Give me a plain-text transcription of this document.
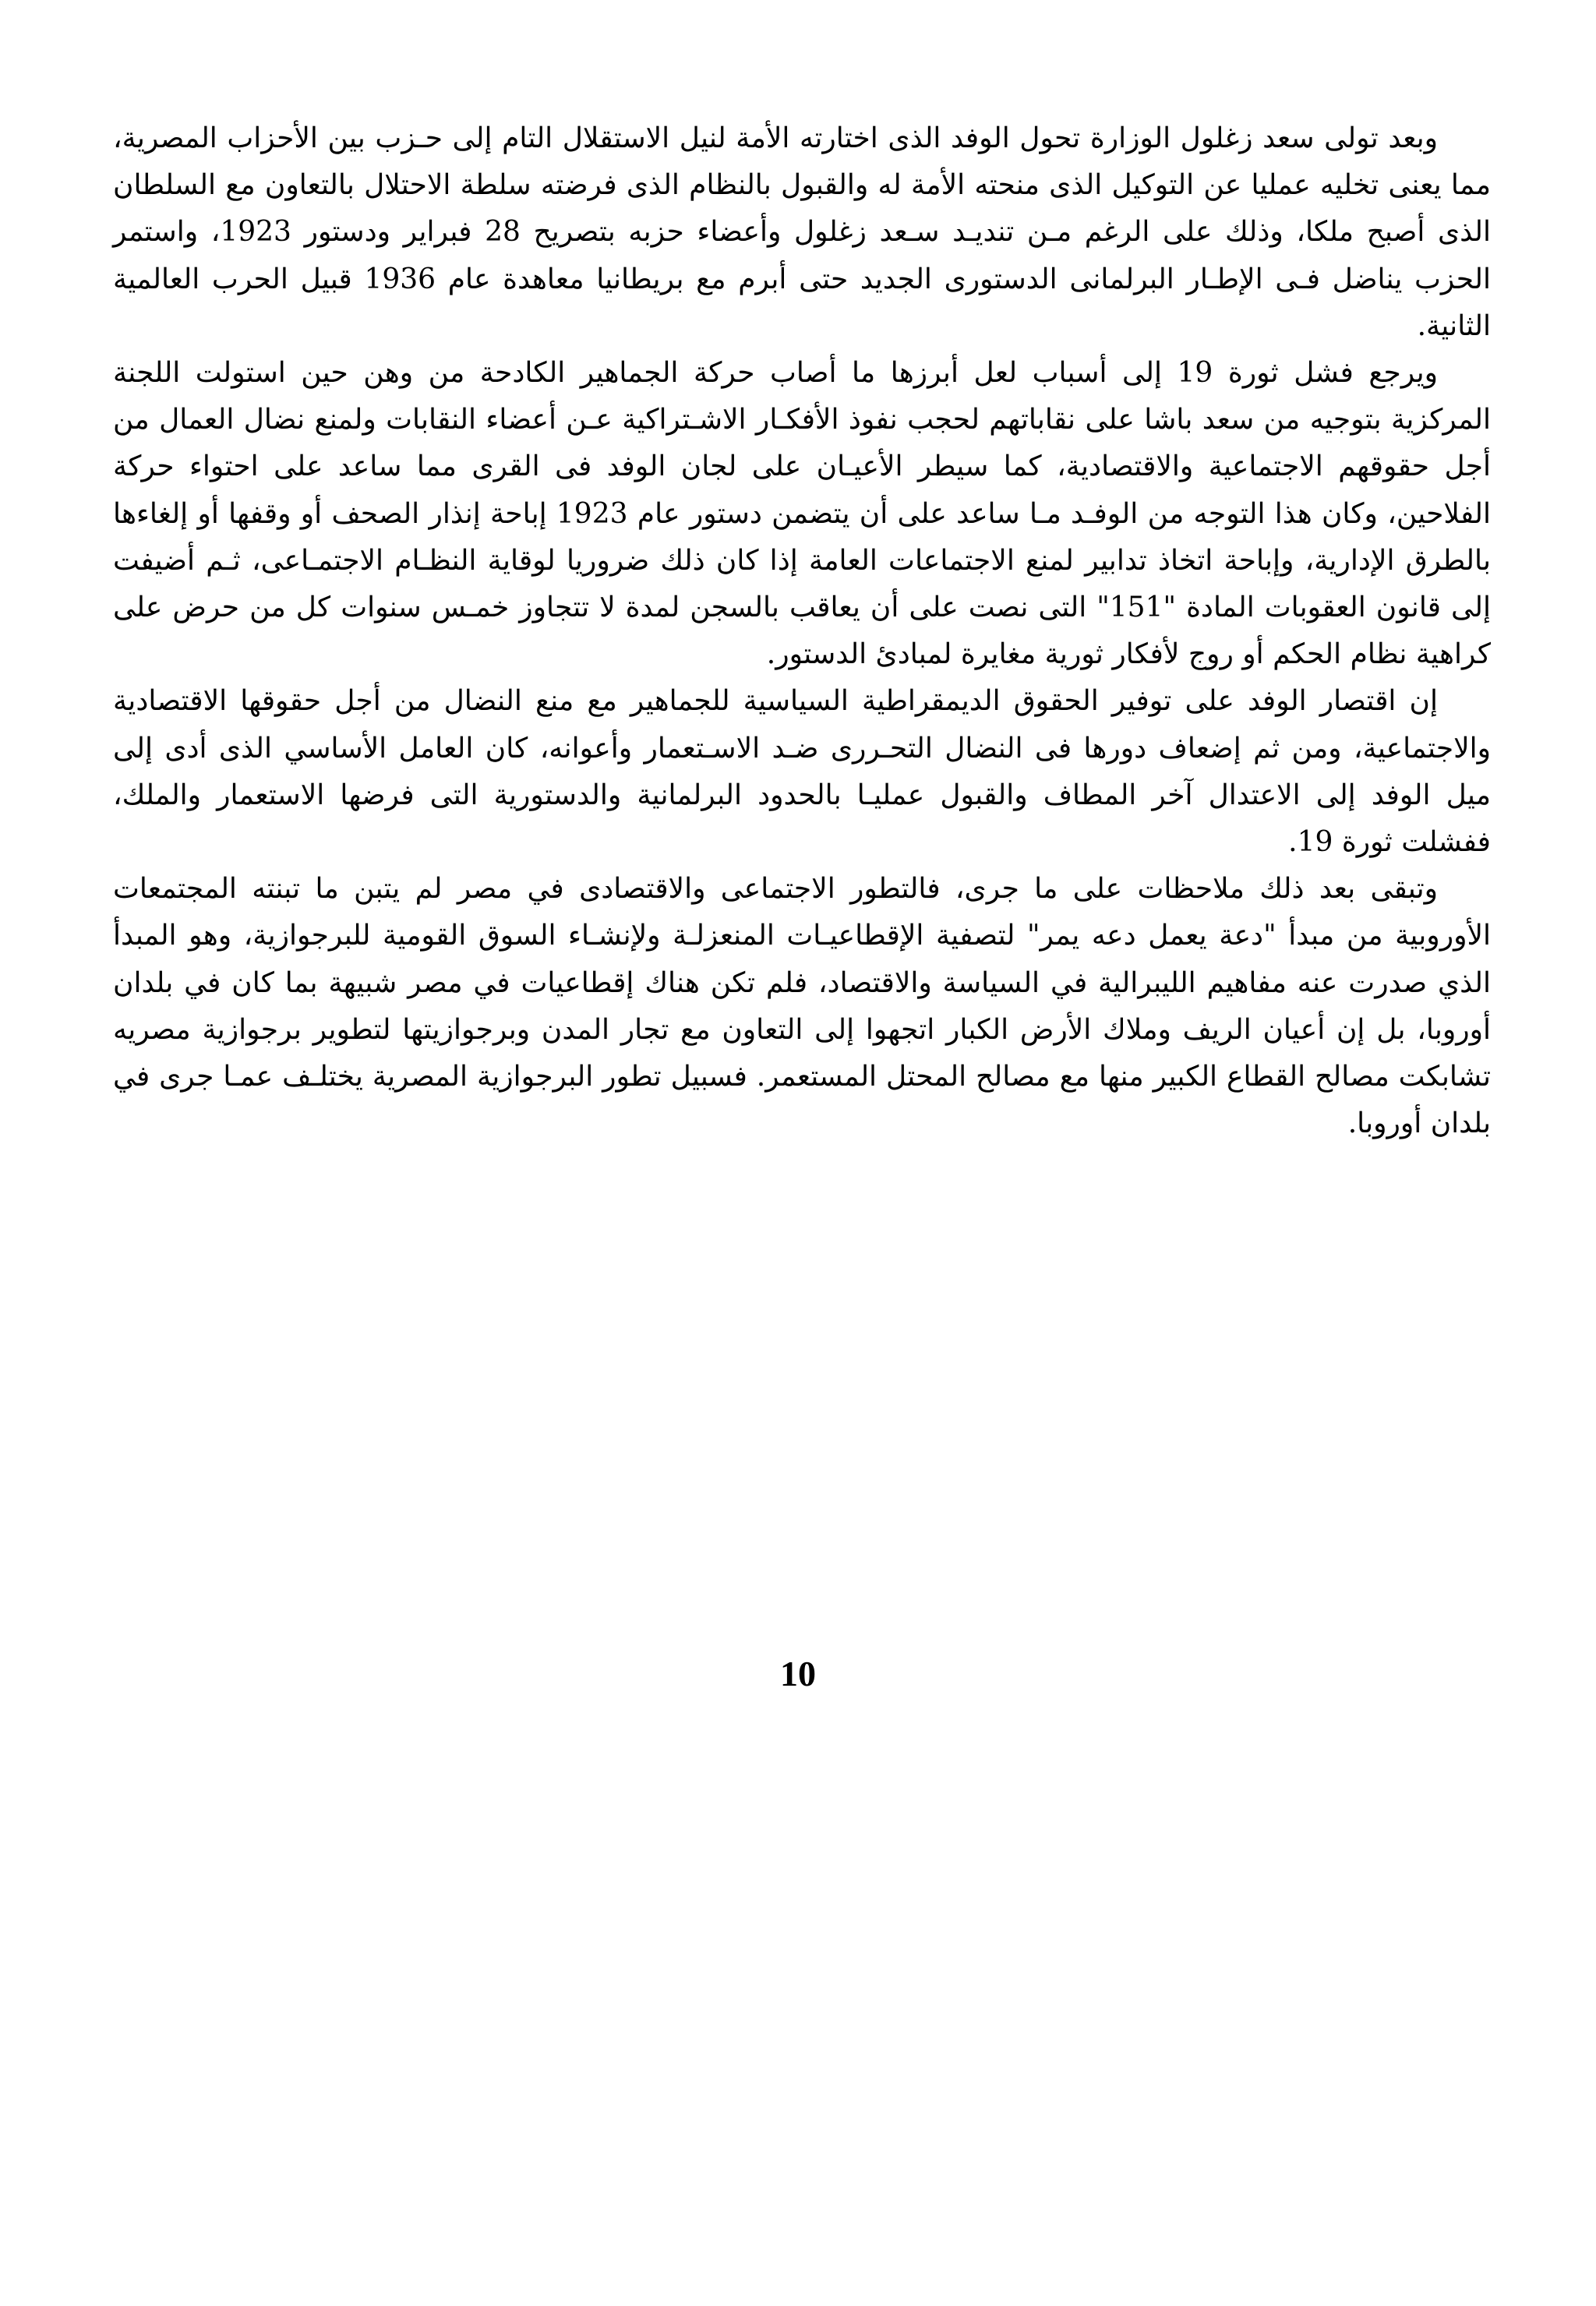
وبعد تولى سعد زغلول الوزارة تحول الوفد الذى اختارته الأمة لنيل الاستقلال التام إلى حـزب بين الأحزاب المصرية، مما يعنى تخليه عمليا عن التوكيل الذى منحته الأمة له والقبول بالنظام الذى فرضته سلطة الاحتلال بالتعاون مع السلطان الذى أصبح ملكا، وذلك على الرغم مـن تنديـد سـعد زغلول وأعضاء حزبه بتصريح 28 فبراير ودستور 1923، واستمر الحزب يناضل فـى الإطـار البرلمانى الدستورى الجديد حتى أبرم مع بريطانيا معاهدة عام 1936 قبيل الحرب العالمية الثانية.

ويرجع فشل ثورة 19 إلى أسباب لعل أبرزها ما أصاب حركة الجماهير الكادحة من وهن حين استولت اللجنة المركزية بتوجيه من سعد باشا على نقاباتهم لحجب نفوذ الأفكـار الاشـتراكية عـن أعضاء النقابات ولمنع نضال العمال من أجل حقوقهم الاجتماعية والاقتصادية، كما سيطر الأعيـان على لجان الوفد فى القرى مما ساعد على احتواء حركة الفلاحين، وكان هذا التوجه من الوفـد مـا ساعد على أن يتضمن دستور عام 1923 إباحة إنذار الصحف أو وقفها أو إلغاءها بالطرق الإدارية، وإباحة اتخاذ تدابير لمنع الاجتماعات العامة إذا كان ذلك ضروريا لوقاية النظـام الاجتمـاعى، ثـم أضيفت إلى قانون العقوبات المادة "151" التى نصت على أن يعاقب بالسجن لمدة لا تتجاوز خمـس سنوات كل من حرض على كراهية نظام الحكم أو روج لأفكار ثورية مغايرة لمبادئ الدستور.

إن اقتصار الوفد على توفير الحقوق الديمقراطية السياسية للجماهير مع منع النضال من أجل حقوقها الاقتصادية والاجتماعية، ومن ثم إضعاف دورها فى النضال التحـررى ضـد الاسـتعمار وأعوانه، كان العامل الأساسي الذى أدى إلى ميل الوفد إلى الاعتدال آخر المطاف والقبول عمليـا بالحدود البرلمانية والدستورية التى فرضها الاستعمار والملك، ففشلت ثورة 19.

وتبقى بعد ذلك ملاحظات على ما جرى، فالتطور الاجتماعى والاقتصادى في مصر لم يتبن ما تبنته المجتمعات الأوروبية من مبدأ "دعة يعمل دعه يمر" لتصفية الإقطاعيـات المنعزلـة ولإنشـاء السوق القومية للبرجوازية، وهو المبدأ الذي صدرت عنه مفاهيم الليبرالية في السياسة والاقتصاد، فلم تكن هناك إقطاعيات في مصر شبيهة بما كان في بلدان أوروبا، بل إن أعيان الريف وملاك الأرض الكبار اتجهوا إلى التعاون مع تجار المدن وبرجوازيتها لتطوير برجوازية مصريه تشابكت مصالح القطاع الكبير منها مع مصالح المحتل المستعمر. فسبيل تطور البرجوازية المصرية يختلـف عمـا جرى في بلدان أوروبا.

10
